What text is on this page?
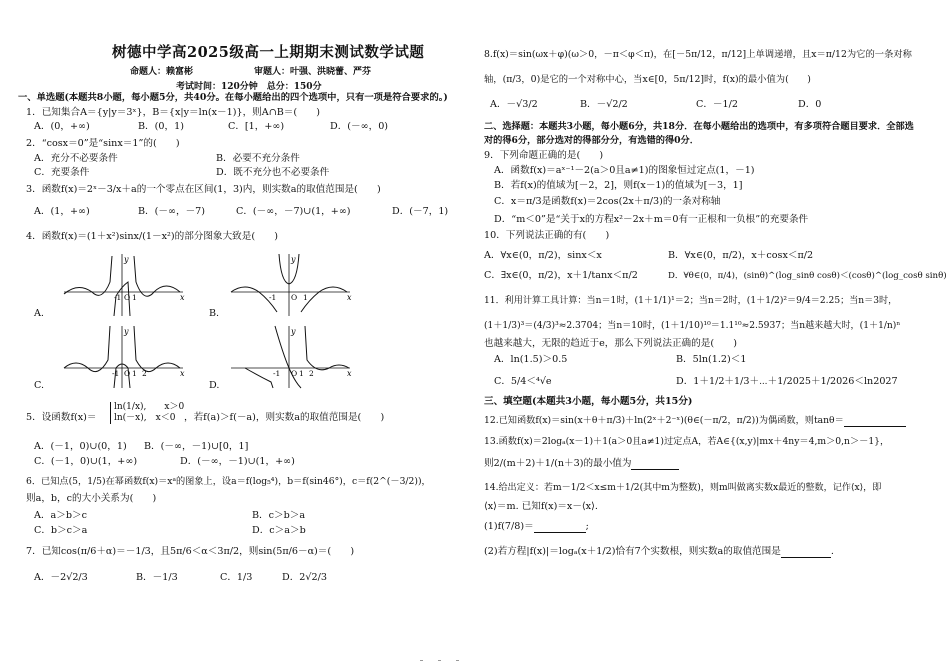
树德中学高2025级高一上期期末测试数学试题
命题人：赖富彬	审题人：叶强、洪晓蕾、严芬
考试时间：120分钟　总分：150分
一、单选题(本题共8小题，每小题5分，共40分。在每小题给出的四个选项中，只有一项是符合要求的。)
1．已知集合A＝{y|y＝3ˣ}，B＝{x|y＝ln(x－1)}，则A∩B＝(　　)
A．(0，+∞)	B．(0，1)	C．[1，+∞)	D．(－∞，0)
2．“cosx＝0”是“sinx＝1”的(　　)
A．充分不必要条件	B．必要不充分条件
C．充要条件	D．既不充分也不必要条件
3．函数f(x)＝2ˣ－3/x＋a的一个零点在区间(1，3)内，则实数a的取值范围是(　　)
A．(1，+∞)	B．(－∞，－7)	C．(－∞，－7)∪(1，+∞)	D．(－7，1)
4．函数f(x)＝(1＋x²)sinx/(1－x²)的部分图象大致是(　　)
y
x
-1 O 1
A.
y
x
-1 O 1
B.
y
x
-1 O 1 2
C.
y
x
-1 O 1 2
D.
5．设函数f(x)＝
ln(1/x),　　x＞0
ln(－x),　x＜0 ，若f(a)＞f(－a)，则实数a的取值范围是(　　)
A．(－1，0)∪(0，1) B．(－∞，－1)∪[0，1]
C．(－1，0)∪(1，+∞)	D．(－∞，－1)∪(1，+∞)
6．已知点(5，1/5)在幂函数f(x)＝xᵃ的图象上，设a＝f(log₅⁴)，b＝f(sin46°)，c＝f(2^(－3/2))，
则a，b，c的大小关系为(　　)
A．a＞b＞c	B．c＞b＞a
C．b＞c＞a	D．c＞a＞b
7．已知cos(π/6＋α)＝－1/3，且5π/6＜α＜3π/2，则sin(5π/6－α)＝(　　)
A．－2√2/3	B．－1/3	C．1/3	D．2√2/3
8.f(x)＝sin(ωx＋φ)(ω＞0，－π＜φ＜π)，在[－5π/12，π/12]上单调递增，且x＝π/12为它的一条对称
轴，(π/3，0)是它的一个对称中心，当x∈[0，5π/12]时，f(x)的最小值为(　　)
A．－√3/2	B．－√2/2	C．－1/2	D．0
二、选择题：本题共3小题，每小题6分，共18分．在每小题给出的选项中，有多项符合题目要求．全部选
对的得6分，部分选对的得部分分，有选错的得0分．
9．下列命题正确的是(　　)
A．函数f(x)＝aˣ⁻¹－2(a＞0且a≠1)的图象恒过定点(1，－1)
B．若f(x)的值域为[－2，2]，则f(x－1)的值域为[－3，1]
C．x＝π/3是函数f(x)＝2cos(2x＋π/3)的一条对称轴
D．“m＜0”是“关于x的方程x²－2x＋m＝0有一正根和一负根”的充要条件
10．下列说法正确的有(　　)
A．∀x∈(0，π/2)，sinx＜x	B．∀x∈(0，π/2)，x＋cosx＜π/2
C．∃x∈(0，π/2)，x＋1/tanx＜π/2	D．∀θ∈(0，π/4)，(sinθ)^(log_sinθ cosθ)＜(cosθ)^(log_cosθ sinθ)
11．利用计算工具计算：当n＝1时，(1＋1/1)¹＝2；当n＝2时，(1＋1/2)²＝9/4＝2.25；当n＝3时，
(1＋1/3)³＝(4/3)³≈2.3704；当n＝10时，(1＋1/10)¹⁰＝1.1¹⁰≈2.5937；当n越来越大时，(1＋1/n)ⁿ
也越来越大，无限的趋近于e，那么下列说法正确的是(　　)
A．ln(1.5)＞0.5	B．5ln(1.2)＜1
C．5/4＜⁴√e	D．1＋1/2＋1/3＋⋯＋1/2025＋1/2026＜ln2027
三、填空题(本题共3小题，每小题5分，共15分)
12.已知函数f(x)＝sin(x＋θ＋π/3)＋ln(2ˣ＋2⁻ˣ)(θ∈(－π/2，π/2))为偶函数，则tanθ＝
13.函数f(x)＝2logₐ(x－1)＋1(a＞0且a≠1)过定点A，若A∈{(x,y)|mx＋4ny＝4,m＞0,n＞－1}，
则2/(m＋2)＋1/(n＋3)的最小值为
14.给出定义：若m－1/2＜x≤m＋1/2(其中m为整数)，则m叫做离实数x最近的整数，记作⟨x⟩，即
⟨x⟩＝m. 已知f(x)＝x－⟨x⟩.
(1)f(7/8)＝	;
(2)若方程|f(x)|＝logₐ(x＋1/2)恰有7个实数根，则实数a的取值范围是	.
